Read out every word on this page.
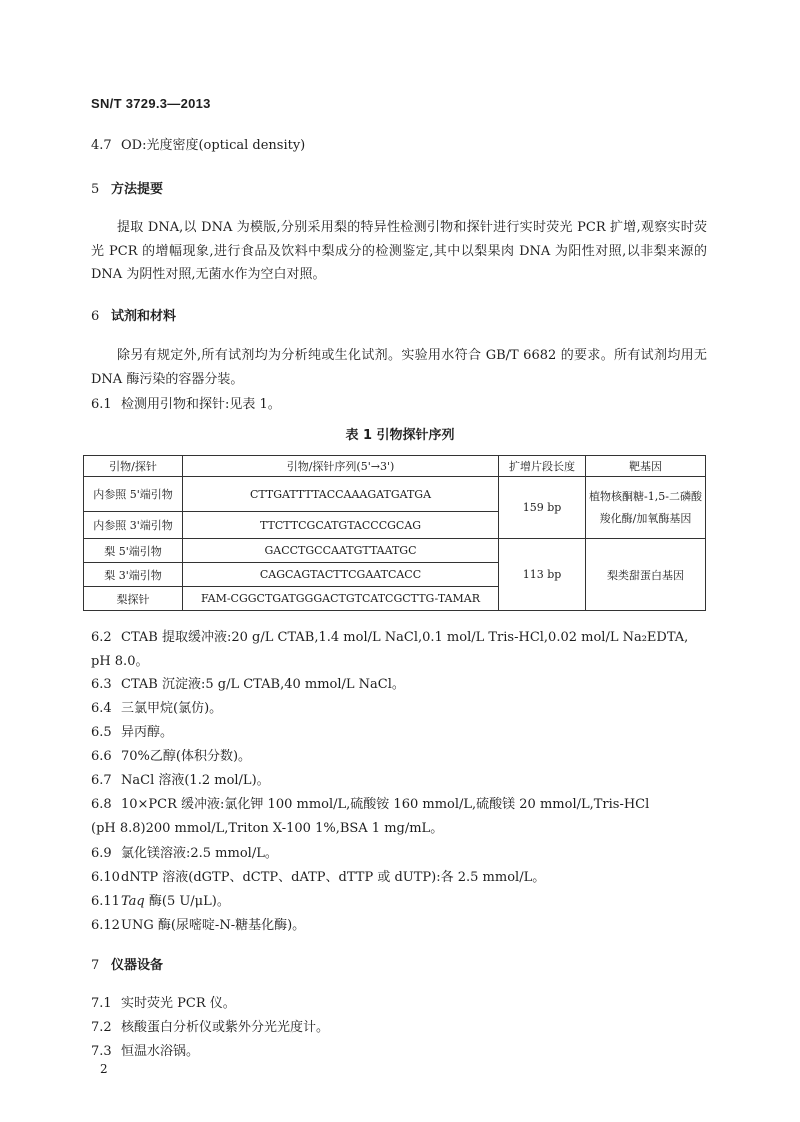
SN/T 3729.3—2013
4.7 OD:光度密度(optical density)
5 方法提要
提取 DNA,以 DNA 为模版,分别采用梨的特异性检测引物和探针进行实时荧光 PCR 扩增,观察实时荧光 PCR 的增幅现象,进行食品及饮料中梨成分的检测鉴定,其中以梨果肉 DNA 为阳性对照,以非梨来源的 DNA 为阴性对照,无菌水作为空白对照。
6 试剂和材料
除另有规定外,所有试剂均为分析纯或生化试剂。实验用水符合 GB/T 6682 的要求。所有试剂均用无 DNA 酶污染的容器分装。
6.1 检测用引物和探针:见表 1。
表 1 引物探针序列
引物/探针	引物/探针序列(5'→3')	扩增片段长度	靶基因
内参照 5'端引物	CTTGATTTTACCAAAGATGATGA	159 bp	植物核酮糖-1,5-二磷酸羧化酶/加氧酶基因
内参照 3'端引物	TTCTTCGCATGTACCCGCAG		
梨 5'端引物	GACCTGCCAATGTTAATGC	113 bp	梨类甜蛋白基因
梨 3'端引物	CAGCAGTACTTCGAATCACC		
梨探针	FAM-CGGCTGATGGGACTGTCATCGCTTG-TAMAR		
6.2 CTAB 提取缓冲液:20 g/L CTAB,1.4 mol/L NaCl,0.1 mol/L Tris-HCl,0.02 mol/L Na₂EDTA,
pH 8.0。
6.3 CTAB 沉淀液:5 g/L CTAB,40 mmol/L NaCl。
6.4 三氯甲烷(氯仿)。
6.5 异丙醇。
6.6 70%乙醇(体积分数)。
6.7 NaCl 溶液(1.2 mol/L)。
6.8 10×PCR 缓冲液:氯化钾 100 mmol/L,硫酸铵 160 mmol/L,硫酸镁 20 mmol/L,Tris-HCl
(pH 8.8)200 mmol/L,Triton X-100 1%,BSA 1 mg/mL。
6.9 氯化镁溶液:2.5 mmol/L。
6.10dNTP 溶液(dGTP、dCTP、dATP、dTTP 或 dUTP):各 2.5 mmol/L。
6.11Taq 酶(5 U/μL)。
6.12UNG 酶(尿嘧啶-N-糖基化酶)。
7 仪器设备
7.1 实时荧光 PCR 仪。
7.2 核酸蛋白分析仪或紫外分光光度计。
7.3 恒温水浴锅。
2
